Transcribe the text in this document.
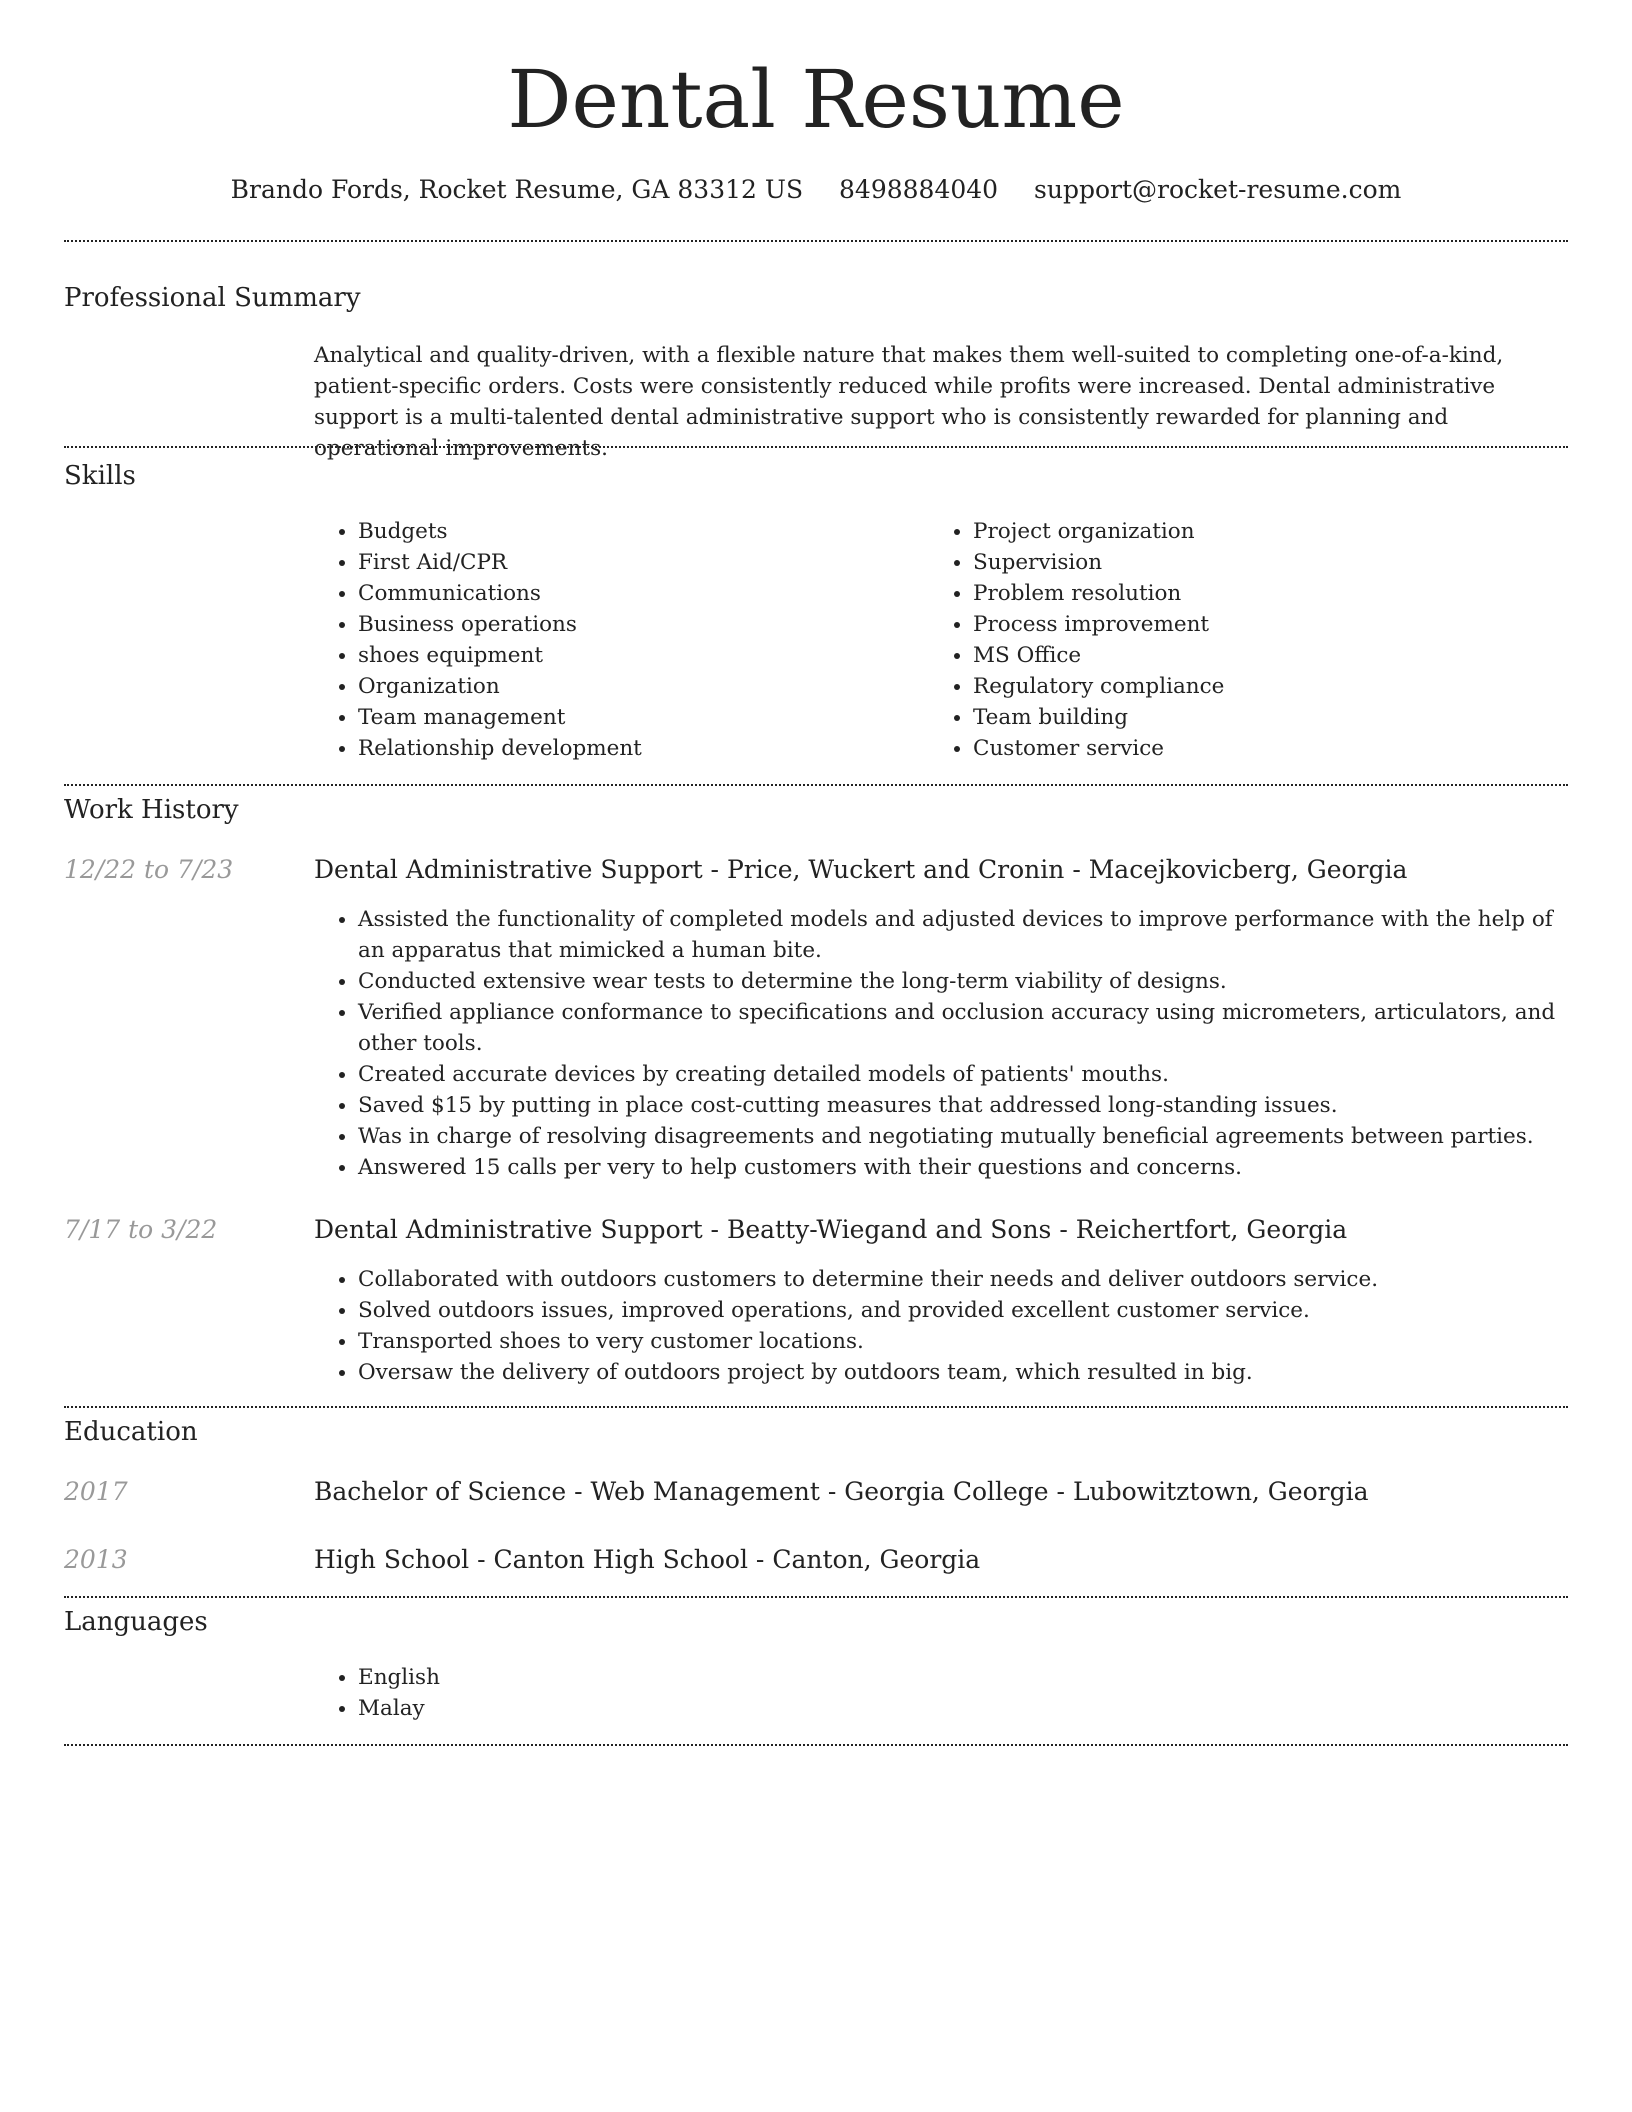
Dental Resume
Brando Fords, Rocket Resume, GA 83312 US 8498884040 support@rocket-resume.com
Professional Summary

Analytical and quality-driven, with a flexible nature that makes them well-suited to completing one-of-a-kind, patient-specific orders. Costs were consistently reduced while profits were increased. Dental administrative support is a multi-talented dental administrative support who is consistently rewarded for planning and operational improvements.

Skills
• Budgets
• First Aid/CPR
• Communications
• Business operations
• shoes equipment
• Organization
• Team management
• Relationship development
• Project organization
• Supervision
• Problem resolution
• Process improvement
• MS Office
• Regulatory compliance
• Team building
• Customer service
Work History
12/22 to 7/23	Dental Administrative Support - Price, Wuckert and Cronin - Macejkovicberg, Georgia
• Assisted the functionality of completed models and adjusted devices to improve performance with the help of an apparatus that mimicked a human bite.
• Conducted extensive wear tests to determine the long-term viability of designs.
• Verified appliance conformance to specifications and occlusion accuracy using micrometers, articulators, and other tools.
• Created accurate devices by creating detailed models of patients' mouths.
• Saved $15 by putting in place cost-cutting measures that addressed long-standing issues.
• Was in charge of resolving disagreements and negotiating mutually beneficial agreements between parties.
• Answered 15 calls per very to help customers with their questions and concerns.
7/17 to 3/22	Dental Administrative Support - Beatty-Wiegand and Sons - Reichertfort, Georgia
• Collaborated with outdoors customers to determine their needs and deliver outdoors service.
• Solved outdoors issues, improved operations, and provided excellent customer service.
• Transported shoes to very customer locations.
• Oversaw the delivery of outdoors project by outdoors team, which resulted in big.
Education
2017	Bachelor of Science - Web Management - Georgia College - Lubowitztown, Georgia
2013	High School - Canton High School - Canton, Georgia
Languages
• English
• Malay
